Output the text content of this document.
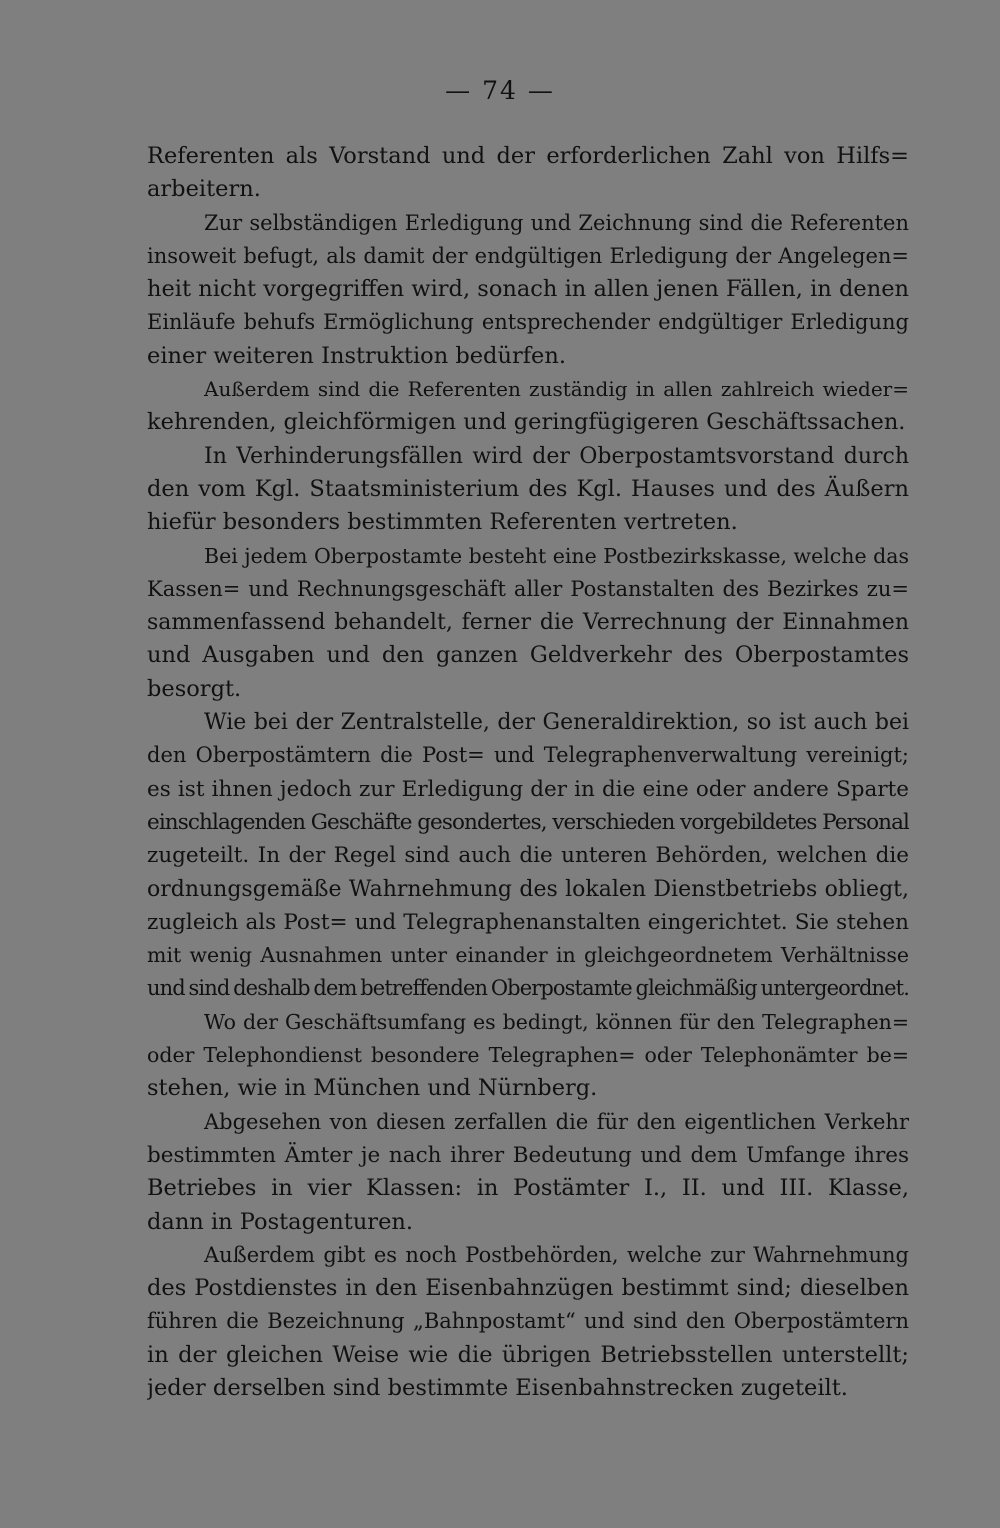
— 74 —
Referenten als Vorstand und der erforderlichen Zahl von Hilfs=
arbeitern.
Zur selbständigen Erledigung und Zeichnung sind die Referenten
insoweit befugt, als damit der endgültigen Erledigung der Angelegen=
heit nicht vorgegriffen wird, sonach in allen jenen Fällen, in denen
Einläufe behufs Ermöglichung entsprechender endgültiger Erledigung
einer weiteren Instruktion bedürfen.
Außerdem sind die Referenten zuständig in allen zahlreich wieder=
kehrenden, gleichförmigen und geringfügigeren Geschäftssachen.
In Verhinderungsfällen wird der Oberpostamtsvorstand durch
den vom Kgl. Staatsministerium des Kgl. Hauses und des Äußern
hiefür besonders bestimmten Referenten vertreten.
Bei jedem Oberpostamte besteht eine Postbezirkskasse, welche das
Kassen= und Rechnungsgeschäft aller Postanstalten des Bezirkes zu=
sammenfassend behandelt, ferner die Verrechnung der Einnahmen
und Ausgaben und den ganzen Geldverkehr des Oberpostamtes
besorgt.
Wie bei der Zentralstelle, der Generaldirektion, so ist auch bei
den Oberpostämtern die Post= und Telegraphenverwaltung vereinigt;
es ist ihnen jedoch zur Erledigung der in die eine oder andere Sparte
einschlagenden Geschäfte gesondertes, verschieden vorgebildetes Personal
zugeteilt. In der Regel sind auch die unteren Behörden, welchen die
ordnungsgemäße Wahrnehmung des lokalen Dienstbetriebs obliegt,
zugleich als Post= und Telegraphenanstalten eingerichtet. Sie stehen
mit wenig Ausnahmen unter einander in gleichgeordnetem Verhältnisse
und sind deshalb dem betreffenden Oberpostamte gleichmäßig untergeordnet.
Wo der Geschäftsumfang es bedingt, können für den Telegraphen=
oder Telephondienst besondere Telegraphen= oder Telephonämter be=
stehen, wie in München und Nürnberg.
Abgesehen von diesen zerfallen die für den eigentlichen Verkehr
bestimmten Ämter je nach ihrer Bedeutung und dem Umfange ihres
Betriebes in vier Klassen: in Postämter I., II. und III. Klasse,
dann in Postagenturen.
Außerdem gibt es noch Postbehörden, welche zur Wahrnehmung
des Postdienstes in den Eisenbahnzügen bestimmt sind; dieselben
führen die Bezeichnung „Bahnpostamt“ und sind den Oberpostämtern
in der gleichen Weise wie die übrigen Betriebsstellen unterstellt;
jeder derselben sind bestimmte Eisenbahnstrecken zugeteilt.
